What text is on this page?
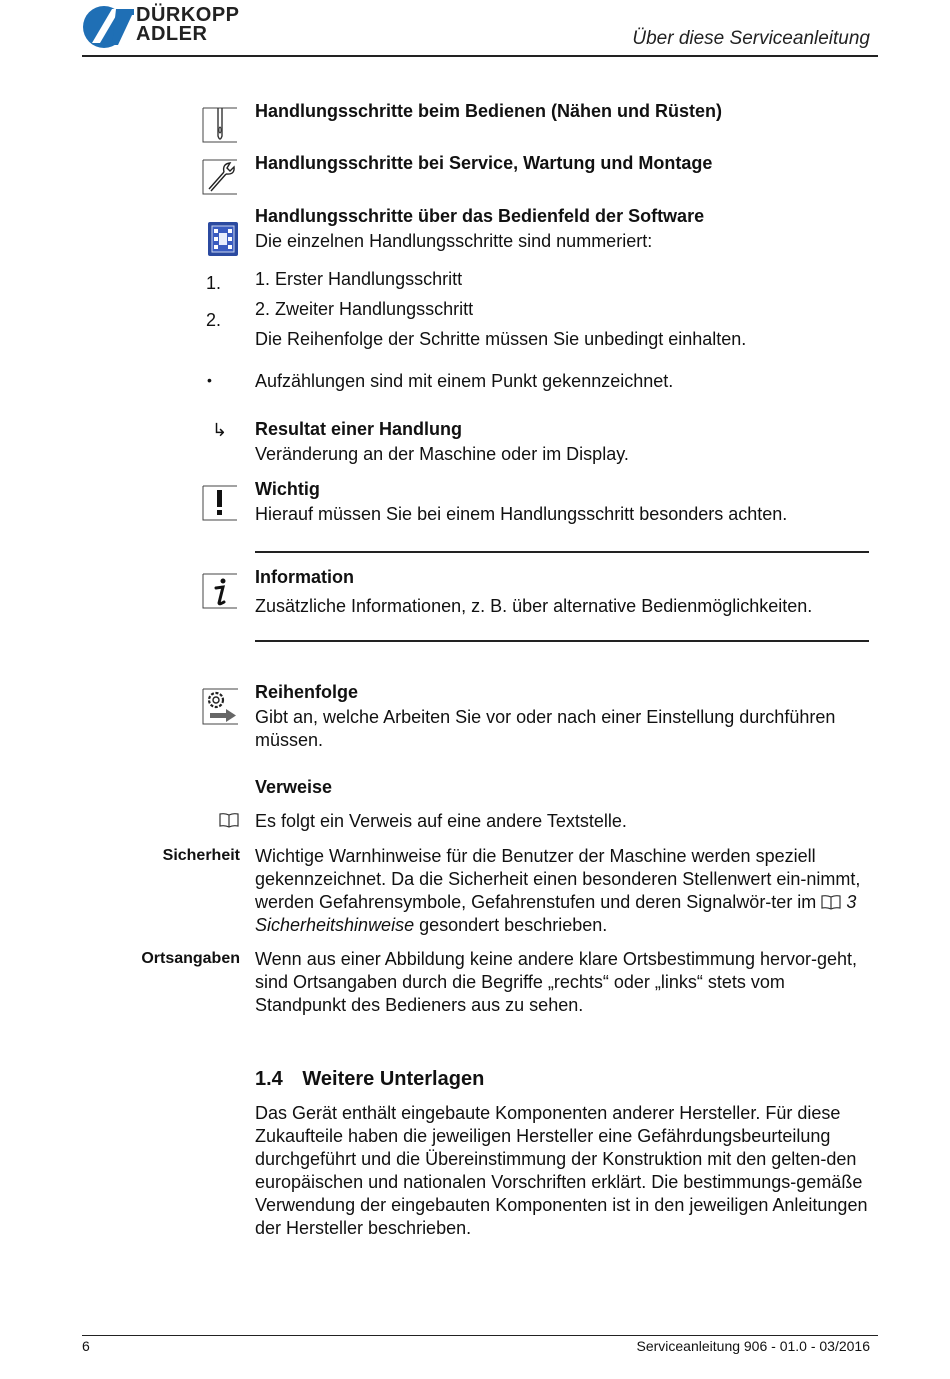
DÜRKOPP
ADLER	Über diese Serviceanleitung
Handlungsschritte beim Bedienen (Nähen und Rüsten)
Handlungsschritte bei Service, Wartung und Montage
Handlungsschritte über das Bedienfeld der Software
Die einzelnen Handlungsschritte sind nummeriert:
1.
2.
1. Erster Handlungsschritt
2. Zweiter Handlungsschritt
Die Reihenfolge der Schritte müssen Sie unbedingt einhalten.
• Aufzählungen sind mit einem Punkt gekennzeichnet.
↳ Resultat einer Handlung
Veränderung an der Maschine oder im Display.
Wichtig
Hierauf müssen Sie bei einem Handlungsschritt besonders achten.
Information
Zusätzliche Informationen, z. B. über alternative Bedienmöglichkeiten.
Reihenfolge
Gibt an, welche Arbeiten Sie vor oder nach einer Einstellung durchführen müssen.
Verweise
Es folgt ein Verweis auf eine andere Textstelle.
Sicherheit Wichtige Warnhinweise für die Benutzer der Maschine werden speziell gekennzeichnet. Da die Sicherheit einen besonderen Stellenwert ein-nimmt, werden Gefahrensymbole, Gefahrenstufen und deren Signalwör-ter im 3 Sicherheitshinweise gesondert beschrieben.
Ortsangaben Wenn aus einer Abbildung keine andere klare Ortsbestimmung hervor-geht, sind Ortsangaben durch die Begriffe „rechts“ oder „links“ stets vom Standpunkt des Bedieners aus zu sehen.
1.4 Weitere Unterlagen
Das Gerät enthält eingebaute Komponenten anderer Hersteller. Für diese Zukaufteile haben die jeweiligen Hersteller eine Gefährdungsbeurteilung durchgeführt und die Übereinstimmung der Konstruktion mit den gelten-den europäischen und nationalen Vorschriften erklärt. Die bestimmungs-gemäße Verwendung der eingebauten Komponenten ist in den jeweiligen Anleitungen der Hersteller beschrieben.
6	Serviceanleitung 906 - 01.0 - 03/2016
